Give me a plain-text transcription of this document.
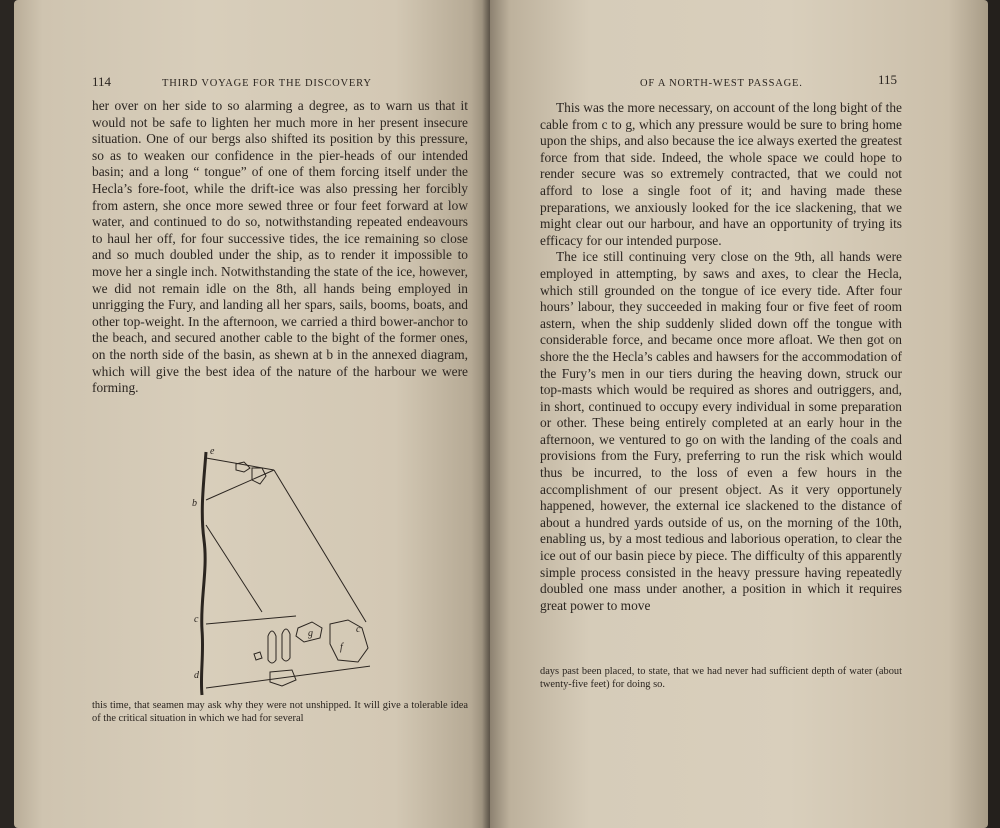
114	THIRD VOYAGE FOR THE DISCOVERY

her over on her side to so alarming a degree, as to warn us that it would not be safe to lighten her much more in her present insecure situation. One of our bergs also shifted its position by this pressure, so as to weaken our confidence in the pier-heads of our intended basin; and a long “ tongue” of one of them forcing itself under the Hecla’s fore-foot, while the drift-ice was also pressing her forcibly from astern, she once more sewed three or four feet forward at low water, and continued to do so, notwithstanding repeated endeavours to haul her off, for four successive tides, the ice remaining so close and so much doubled under the ship, as to render it impossible to move her a single inch. Notwithstanding the state of the ice, however, we did not remain idle on the 8th, all hands being employed in unrigging the Fury, and landing all her spars, sails, booms, boats, and other top-weight. In the afternoon, we carried a third bower-anchor to the beach, and secured another cable to the bight of the former ones, on the north side of the basin, as shewn at b in the annexed diagram, which will give the best idea of the nature of the harbour we were forming.

e
b
c
d
g
f
c
this time, that seamen may ask why they were not unshipped. It will give a tolerable idea of the critical situation in which we had for several
OF A NORTH-WEST PASSAGE.	115

This was the more necessary, on account of the long bight of the cable from c to g, which any pressure would be sure to bring home upon the ships, and also because the ice always exerted the greatest force from that side. Indeed, the whole space we could hope to render secure was so extremely contracted, that we could not afford to lose a single foot of it; and having made these preparations, we anxiously looked for the ice slackening, that we might clear out our harbour, and have an opportunity of trying its efficacy for our intended purpose.

The ice still continuing very close on the 9th, all hands were employed in attempting, by saws and axes, to clear the Hecla, which still grounded on the tongue of ice every tide. After four hours’ labour, they succeeded in making four or five feet of room astern, when the ship suddenly slided down off the tongue with considerable force, and became once more afloat. We then got on shore the the Hecla’s cables and hawsers for the accommodation of the Fury’s men in our tiers during the heaving down, struck our top-masts which would be required as shores and outriggers, and, in short, continued to occupy every individual in some preparation or other. These being entirely completed at an early hour in the afternoon, we ventured to go on with the landing of the coals and provisions from the Fury, preferring to run the risk which would thus be incurred, to the loss of even a few hours in the accomplishment of our present object. As it very opportunely happened, however, the external ice slackened to the distance of about a hundred yards outside of us, on the morning of the 10th, enabling us, by a most tedious and laborious operation, to clear the ice out of our basin piece by piece. The difficulty of this apparently simple process consisted in the heavy pressure having repeatedly doubled one mass under another, a position in which it requires great power to move

days past been placed, to state, that we had never had sufficient depth of water (about twenty-five feet) for doing so.
